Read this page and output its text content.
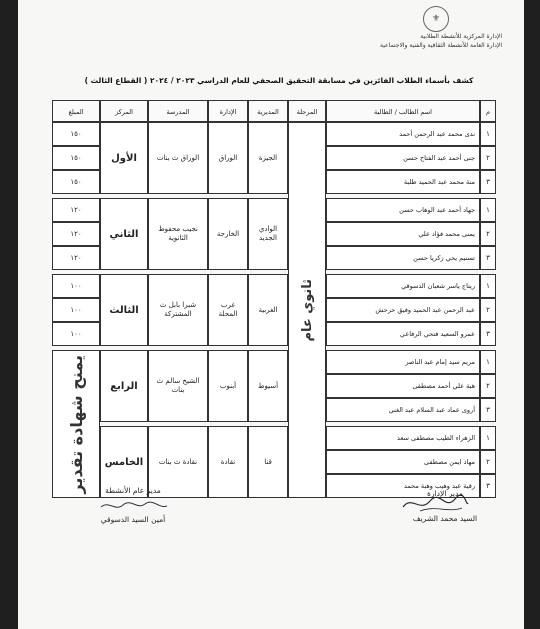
⚜
الإدارة المركزية للأنشطة الطلابية
الإدارة العامة للأنشطة الثقافية والفنية والاجتماعية
كشف بأسماء الطلاب الفائزين في مسابقة التحقيق الصحفي للعام الدراسي ٢٠٢٣ / ٢٠٢٤ ( القطاع الثالث )
م
اسم الطالب / الطالبة
المرحلة
المديرية
الإدارة
المدرسة
المركز
المبلغ
١
ندى محمد عبد الرحمن أحمد
١٥٠
٢
جنى أحمد عبد الفتاح حسن
١٥٠
٣
منة محمد عبد الحميد طلبة
١٥٠
الجيزة
الوراق
الوراق ث بنات
الأول
١
جهاد أحمد عبد الوهاب حسن
١٢٠
٢
يمنى محمد فؤاد علي
١٢٠
٣
تسنيم يحي زكريا حسن
١٢٠
الوادي الجديد
الخارجة
نجيب محفوظ الثانوية
الثاني
١
ريتاج ياسر شعبان الدسوقي
١٠٠
٢
عبد الرحمن عبد الحميد وفيق حرحش
١٠٠
٣
عمرو السعيد فتحي الرفاعي
١٠٠
الغربية
غرب المحلة
شبرا بابل ث المشتركة
الثالث
١
مريم سيد إمام عبد الناصر
٢
هبة علي أحمد مصطفى
٣
أروى عماد عبد السلام عبد الغني
أسيوط
أبنوب
الشيخ سالم ث بنات
الرابع
١
الزهراء الطيب مصطفى سعد
٢
مهاد ايمن مصطفى
٣
رقية عبد وهيب وهبة محمد
قنا
نقادة
نقادة ث بنات
الخامس
ثانوي عام
يمنح شهادة تقدير
مدير الإدارة
السيد محمد الشريف
مدير عام الأنشطة
أمين السيد الدسوقي
